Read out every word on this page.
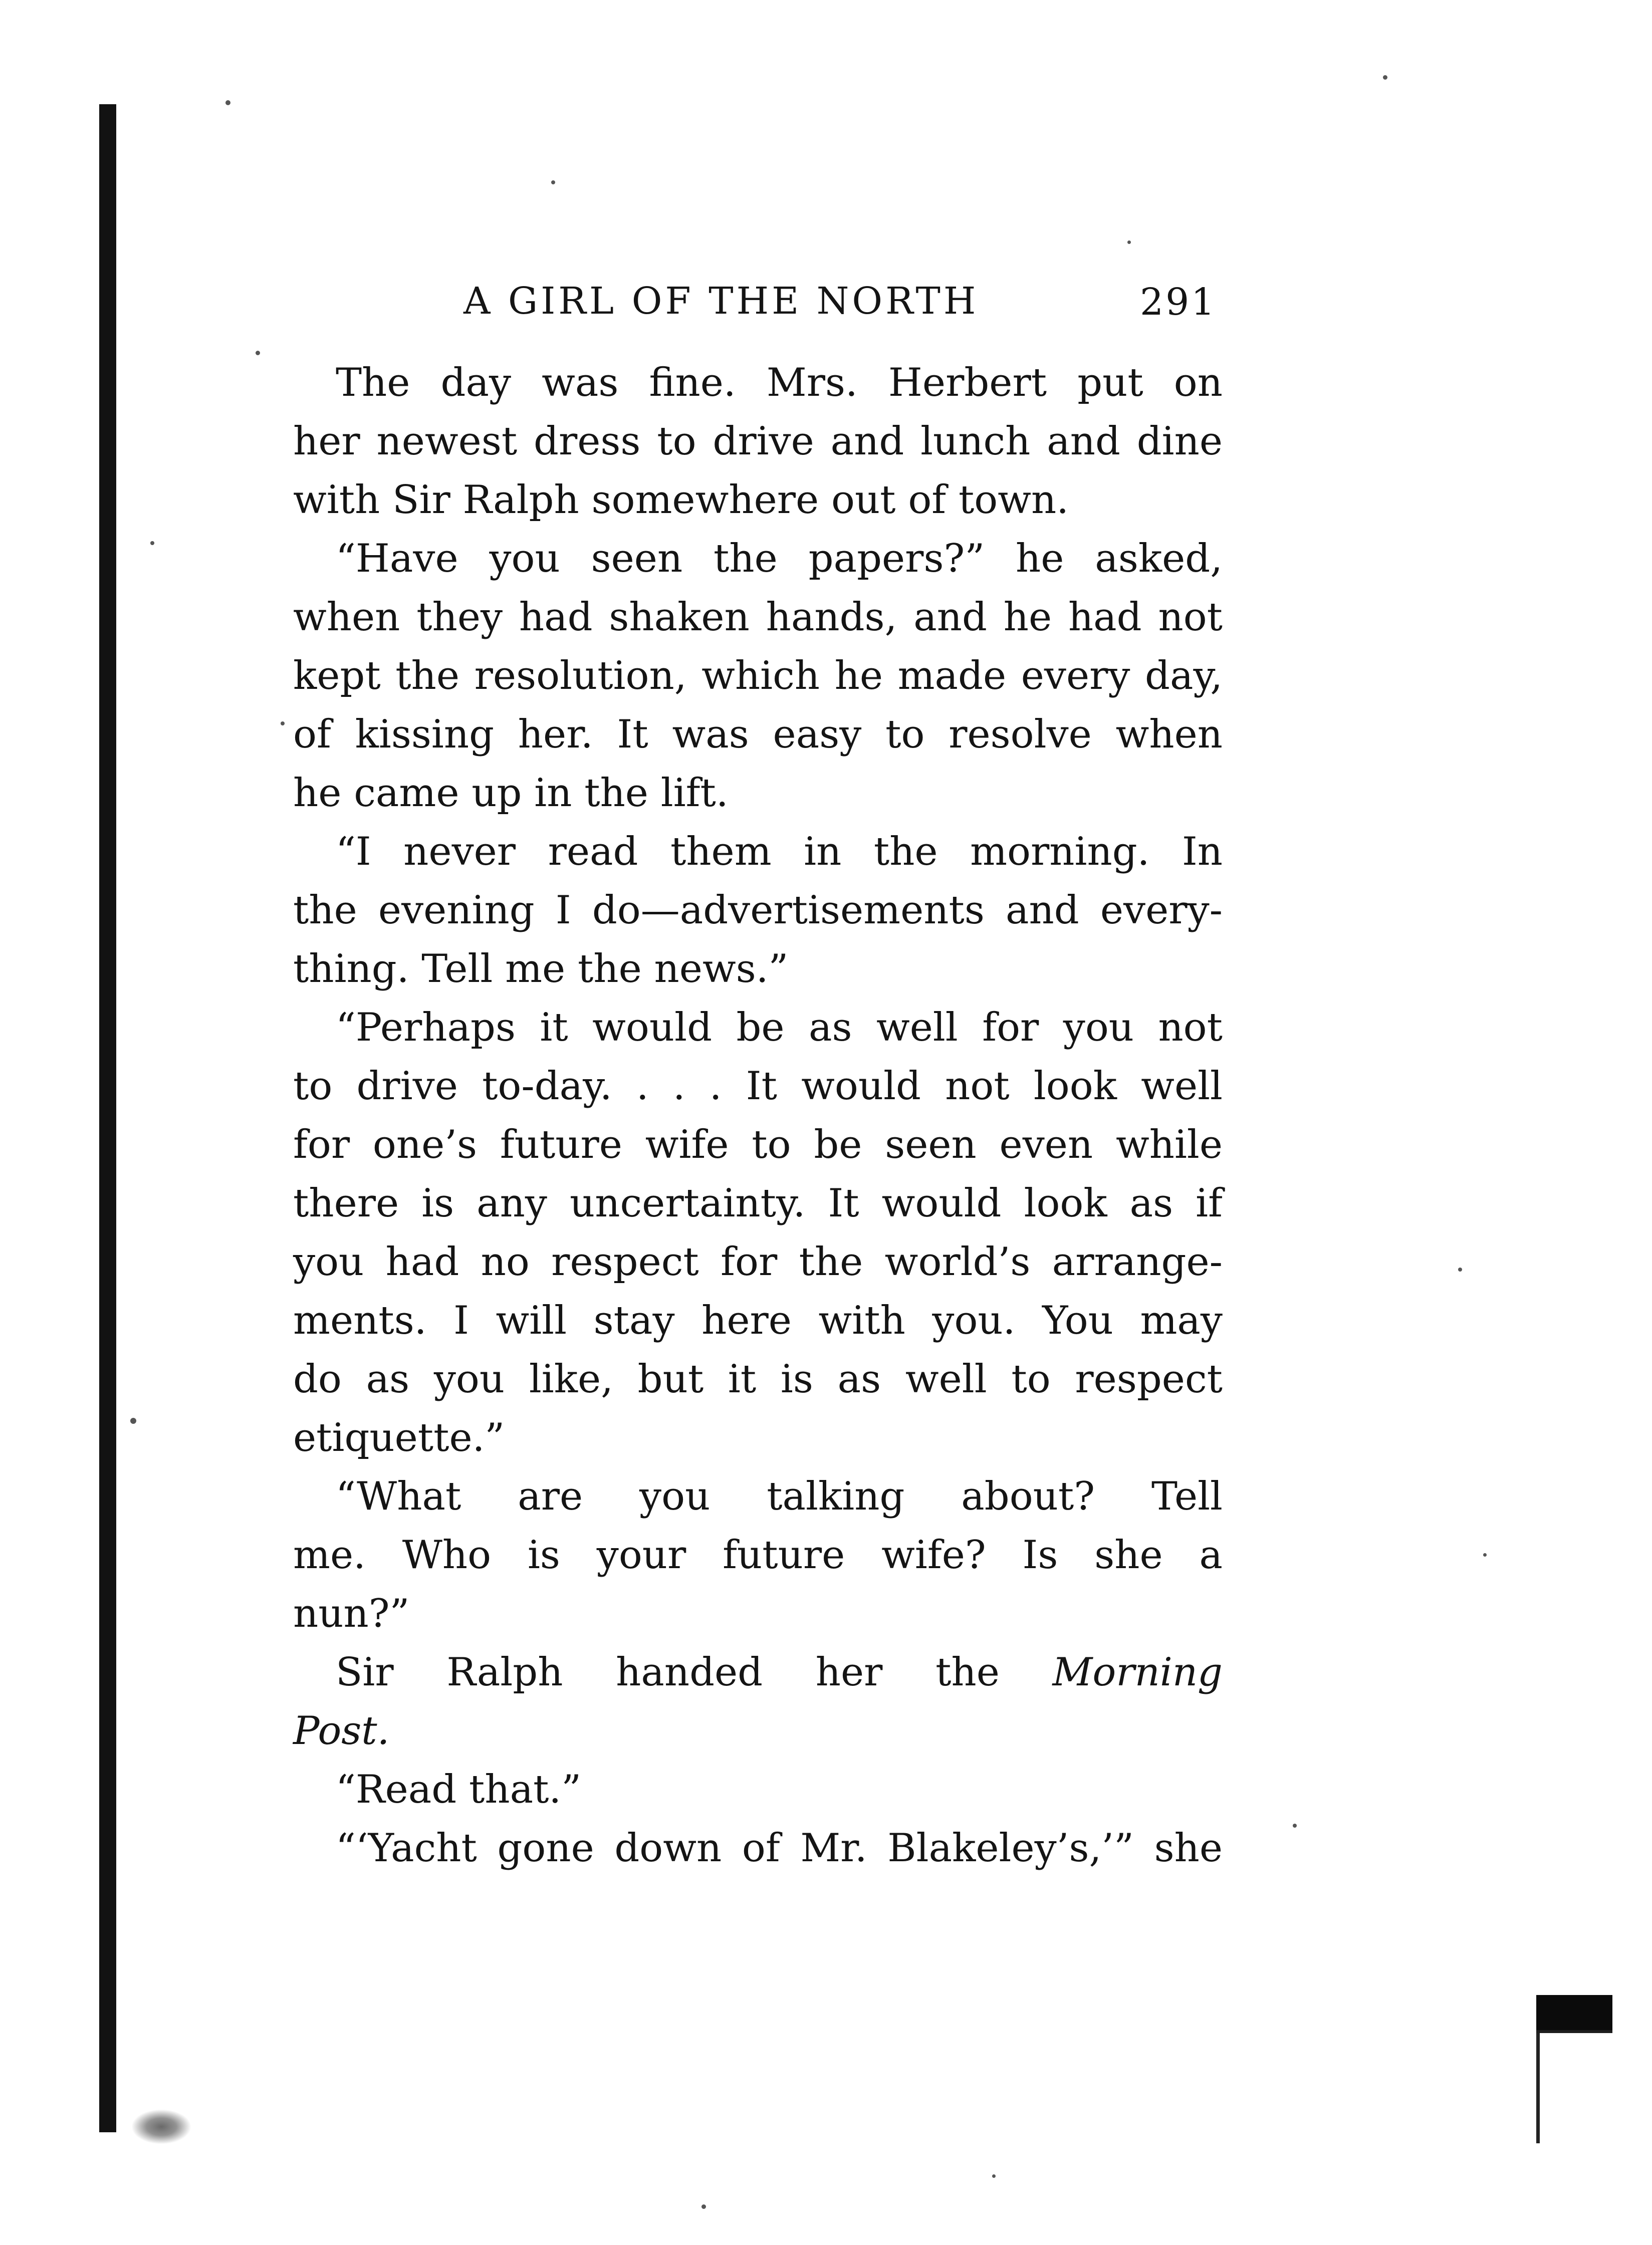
A GIRL OF THE NORTH	291
The day was fine. Mrs. Herbert put on
her newest dress to drive and lunch and dine
with Sir Ralph somewhere out of town.
“Have you seen the papers?” he asked,
when they had shaken hands, and he had not
kept the resolution, which he made every day,
of kissing her. It was easy to resolve when
he came up in the lift.
“I never read them in the morning. In
the evening I do—advertisements and every-
thing. Tell me the news.”
“Perhaps it would be as well for you not
to drive to-day. . . . It would not look well
for one’s future wife to be seen even while
there is any uncertainty. It would look as if
you had no respect for the world’s arrange-
ments. I will stay here with you. You may
do as you like, but it is as well to respect
etiquette.”
“What are you talking about? Tell
me. Who is your future wife? Is she a
nun?”
Sir Ralph handed her the Morning
Post.
“Read that.”
“‘Yacht gone down of Mr. Blakeley’s,’” she
